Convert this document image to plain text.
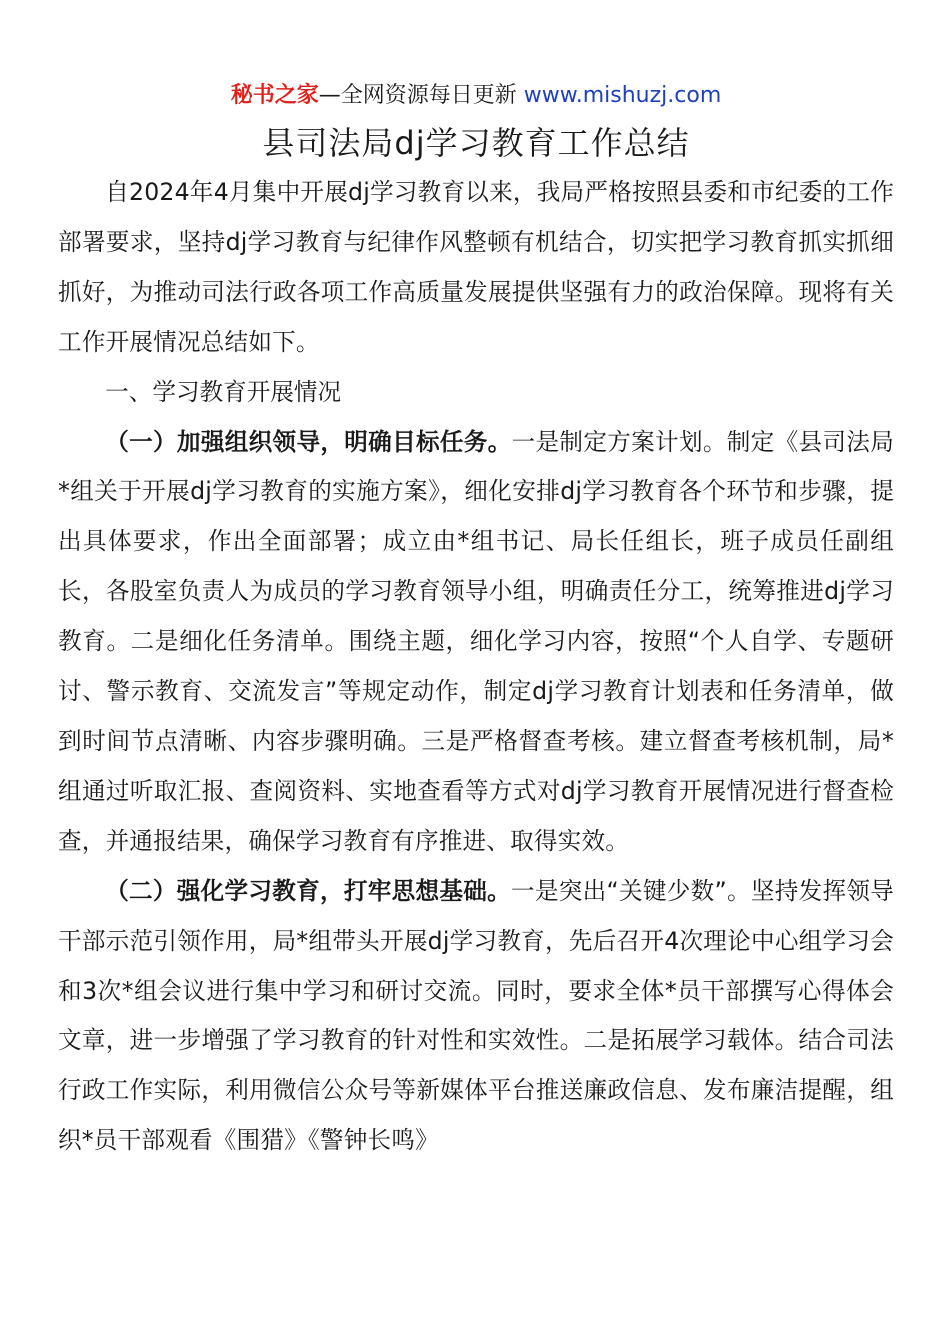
秘书之家—全网资源每日更新 www.mishuzj.com
县司法局dj学习教育工作总结

自2024年4月集中开展dj学习教育以来，我局严格按照县委和市纪委的工作部署要求，坚持dj学习教育与纪律作风整顿有机结合，切实把学习教育抓实抓细抓好，为推动司法行政各项工作高质量发展提供坚强有力的政治保障。现将有关工作开展情况总结如下。

一、学习教育开展情况

（一）加强组织领导，明确目标任务。一是制定方案计划。制定《县司法局*组关于开展dj学习教育的实施方案》，细化安排dj学习教育各个环节和步骤，提出具体要求，作出全面部署；成立由*组书记、局长任组长，班子成员任副组长，各股室负责人为成员的学习教育领导小组，明确责任分工，统筹推进dj学习教育。二是细化任务清单。围绕主题，细化学习内容，按照“个人自学、专题研讨、警示教育、交流发言”等规定动作，制定dj学习教育计划表和任务清单，做到时间节点清晰、内容步骤明确。三是严格督查考核。建立督查考核机制，局*组通过听取汇报、查阅资料、实地查看等方式对dj学习教育开展情况进行督查检查，并通报结果，确保学习教育有序推进、取得实效。

（二）强化学习教育，打牢思想基础。一是突出“关键少数”。坚持发挥领导干部示范引领作用，局*组带头开展dj学习教育，先后召开4次理论中心组学习会和3次*组会议进行集中学习和研讨交流。同时，要求全体*员干部撰写心得体会文章，进一步增强了学习教育的针对性和实效性。二是拓展学习载体。结合司法行政工作实际，利用微信公众号等新媒体平台推送廉政信息、发布廉洁提醒，组织*员干部观看《围猎》《警钟长鸣》
